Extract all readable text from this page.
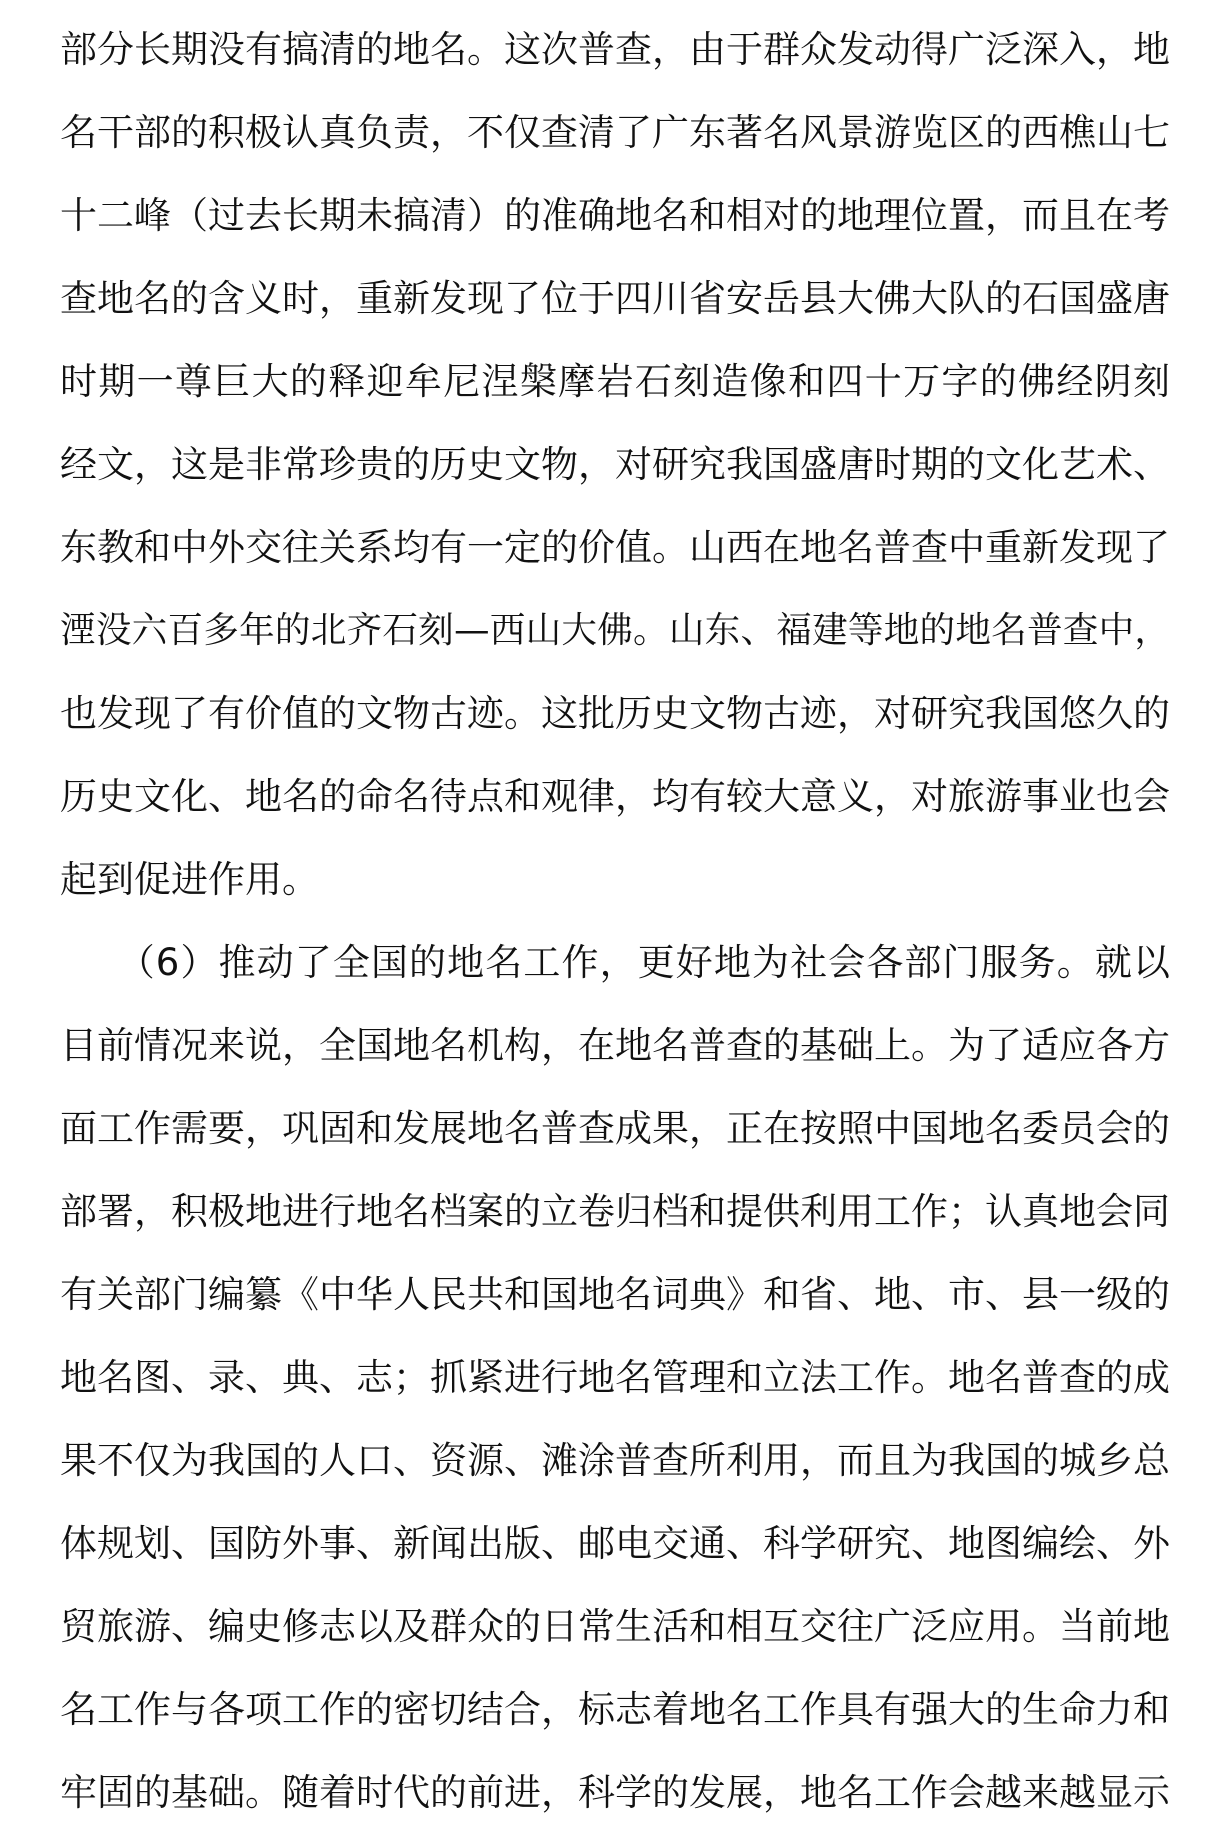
部分长期没有搞清的地名。这次普查，由于群众发动得广泛深入，地
名干部的积极认真负责，不仅查清了广东著名风景游览区的西樵山七
十二峰（过去长期未搞清）的准确地名和相对的地理位置，而且在考
查地名的含义时，重新发现了位于四川省安岳县大佛大队的石国盛唐
时期一尊巨大的释迎牟尼涅槃摩岩石刻造像和四十万字的佛经阴刻
经文，这是非常珍贵的历史文物，对研究我国盛唐时期的文化艺术、
东教和中外交往关系均有一定的价值。山西在地名普查中重新发现了
湮没六百多年的北齐石刻—西山大佛。山东、福建等地的地名普查中，
也发现了有价值的文物古迹。这批历史文物古迹，对研究我国悠久的
历史文化、地名的命名待点和观律，均有较大意义，对旅游事业也会
起到促进作用。
　　（6）推动了全国的地名工作，更好地为社会各部门服务。就以
目前情况来说，全国地名机构，在地名普查的基础上。为了适应各方
面工作需要，巩固和发展地名普查成果，正在按照中国地名委员会的
部署，积极地进行地名档案的立卷归档和提供利用工作；认真地会同
有关部门编纂《中华人民共和国地名词典》和省、地、市、县一级的
地名图、录、典、志；抓紧进行地名管理和立法工作。地名普查的成
果不仅为我国的人口、资源、滩涂普查所利用，而且为我国的城乡总
体规划、国防外事、新闻出版、邮电交通、科学研究、地图编绘、外
贸旅游、编史修志以及群众的日常生活和相互交往广泛应用。当前地
名工作与各项工作的密切结合，标志着地名工作具有强大的生命力和
牢固的基础。随着时代的前进，科学的发展，地名工作会越来越显示
